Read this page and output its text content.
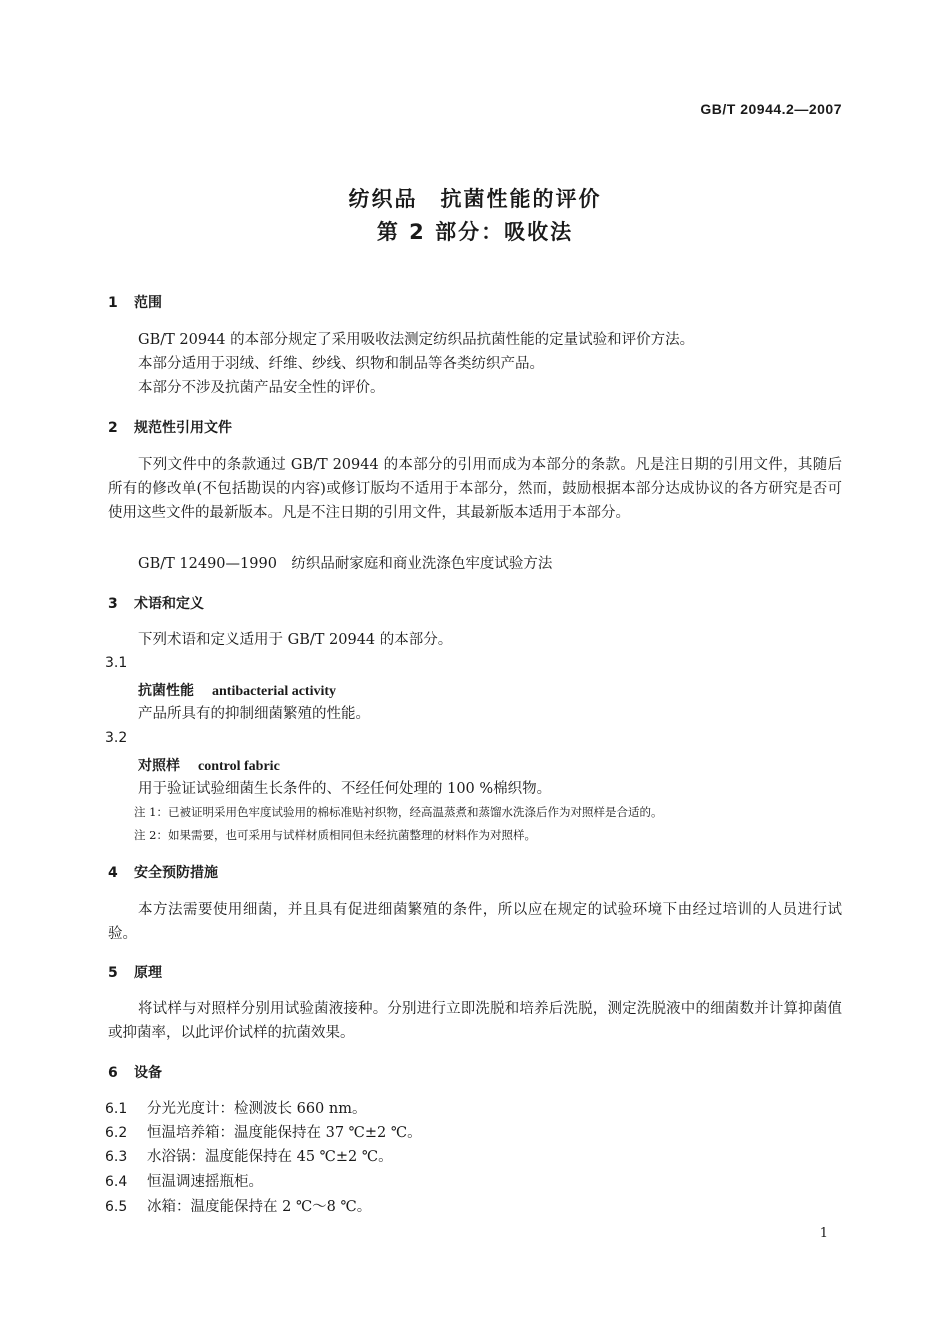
GB/T 20944.2—2007
纺织品　抗菌性能的评价
第 2 部分：吸收法
1 范围
GB/T 20944 的本部分规定了采用吸收法测定纺织品抗菌性能的定量试验和评价方法。
本部分适用于羽绒、纤维、纱线、织物和制品等各类纺织产品。
本部分不涉及抗菌产品安全性的评价。
2 规范性引用文件
下列文件中的条款通过 GB/T 20944 的本部分的引用而成为本部分的条款。凡是注日期的引用文件，其随后所有的修改单(不包括勘误的内容)或修订版均不适用于本部分，然而，鼓励根据本部分达成协议的各方研究是否可使用这些文件的最新版本。凡是不注日期的引用文件，其最新版本适用于本部分。
GB/T 12490—1990　纺织品耐家庭和商业洗涤色牢度试验方法
3 术语和定义
下列术语和定义适用于 GB/T 20944 的本部分。
3.1
抗菌性能 antibacterial activity
产品所具有的抑制细菌繁殖的性能。
3.2
对照样 control fabric
用于验证试验细菌生长条件的、不经任何处理的 100 %棉织物。
注 1：已被证明采用色牢度试验用的棉标准贴衬织物，经高温蒸煮和蒸馏水洗涤后作为对照样是合适的。
注 2：如果需要，也可采用与试样材质相同但未经抗菌整理的材料作为对照样。
4 安全预防措施
本方法需要使用细菌，并且具有促进细菌繁殖的条件，所以应在规定的试验环境下由经过培训的人员进行试验。
5 原理
将试样与对照样分别用试验菌液接种。分别进行立即洗脱和培养后洗脱，测定洗脱液中的细菌数并计算抑菌值或抑菌率，以此评价试样的抗菌效果。
6 设备
6.1 分光光度计：检测波长 660 nm。
6.2 恒温培养箱：温度能保持在 37 ℃±2 ℃。
6.3 水浴锅：温度能保持在 45 ℃±2 ℃。
6.4 恒温调速摇瓶柜。
6.5 冰箱：温度能保持在 2 ℃～8 ℃。
1
